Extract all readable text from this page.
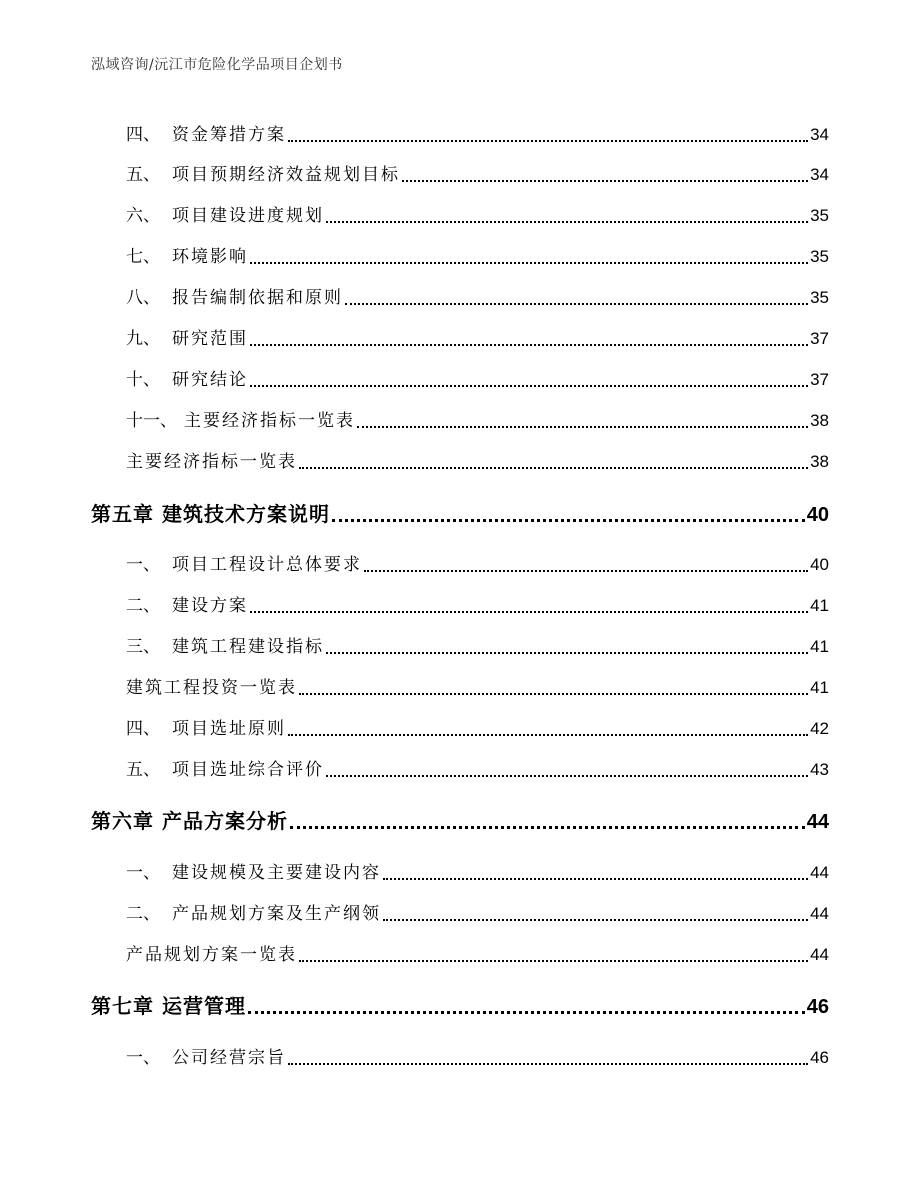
泓域咨询/沅江市危险化学品项目企划书
四、 资金筹措方案	34
五、 项目预期经济效益规划目标	34
六、 项目建设进度规划	35
七、 环境影响	35
八、 报告编制依据和原则	35
九、 研究范围	37
十、 研究结论	37
十一、 主要经济指标一览表	38
主要经济指标一览表	38
第五章 建筑技术方案说明	40
一、 项目工程设计总体要求	40
二、 建设方案	41
三、 建筑工程建设指标	41
建筑工程投资一览表	41
四、 项目选址原则	42
五、 项目选址综合评价	43
第六章 产品方案分析	44
一、 建设规模及主要建设内容	44
二、 产品规划方案及生产纲领	44
产品规划方案一览表	44
第七章 运营管理	46
一、 公司经营宗旨	46
